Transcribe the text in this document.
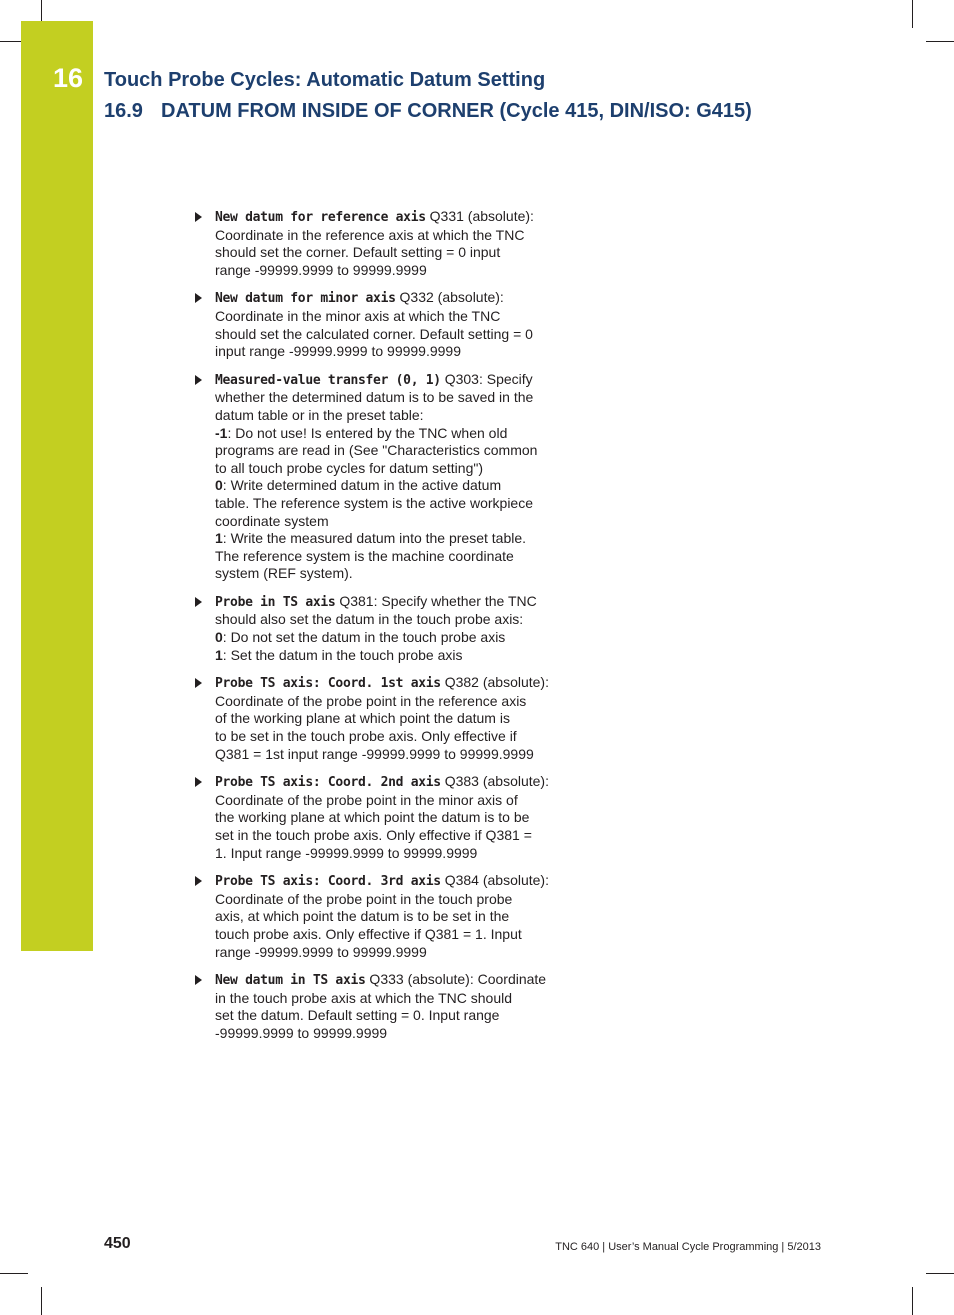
16	Touch Probe Cycles: Automatic Datum Setting
16.9 DATUM FROM INSIDE OF CORNER (Cycle 415, DIN/ISO: G415)
New datum for reference axis Q331 (absolute):
Coordinate in the reference axis at which the TNC
should set the corner. Default setting = 0 input
range -99999.9999 to 99999.9999
New datum for minor axis Q332 (absolute):
Coordinate in the minor axis at which the TNC
should set the calculated corner. Default setting = 0
input range -99999.9999 to 99999.9999
Measured-value transfer (0, 1) Q303: Specify
whether the determined datum is to be saved in the
datum table or in the preset table:
-1: Do not use! Is entered by the TNC when old
programs are read in (See "Characteristics common
to all touch probe cycles for datum setting")
0: Write determined datum in the active datum
table. The reference system is the active workpiece
coordinate system
1: Write the measured datum into the preset table.
The reference system is the machine coordinate
system (REF system).
Probe in TS axis Q381: Specify whether the TNC
should also set the datum in the touch probe axis:
0: Do not set the datum in the touch probe axis
1: Set the datum in the touch probe axis
Probe TS axis: Coord. 1st axis Q382 (absolute):
Coordinate of the probe point in the reference axis
of the working plane at which point the datum is
to be set in the touch probe axis. Only effective if
Q381 = 1st input range -99999.9999 to 99999.9999
Probe TS axis: Coord. 2nd axis Q383 (absolute):
Coordinate of the probe point in the minor axis of
the working plane at which point the datum is to be
set in the touch probe axis. Only effective if Q381 =
1. Input range -99999.9999 to 99999.9999
Probe TS axis: Coord. 3rd axis Q384 (absolute):
Coordinate of the probe point in the touch probe
axis, at which point the datum is to be set in the
touch probe axis. Only effective if Q381 = 1. Input
range -99999.9999 to 99999.9999
New datum in TS axis Q333 (absolute): Coordinate
in the touch probe axis at which the TNC should
set the datum. Default setting = 0. Input range
-99999.9999 to 99999.9999
450	TNC 640 | User’s Manual Cycle Programming | 5/2013
